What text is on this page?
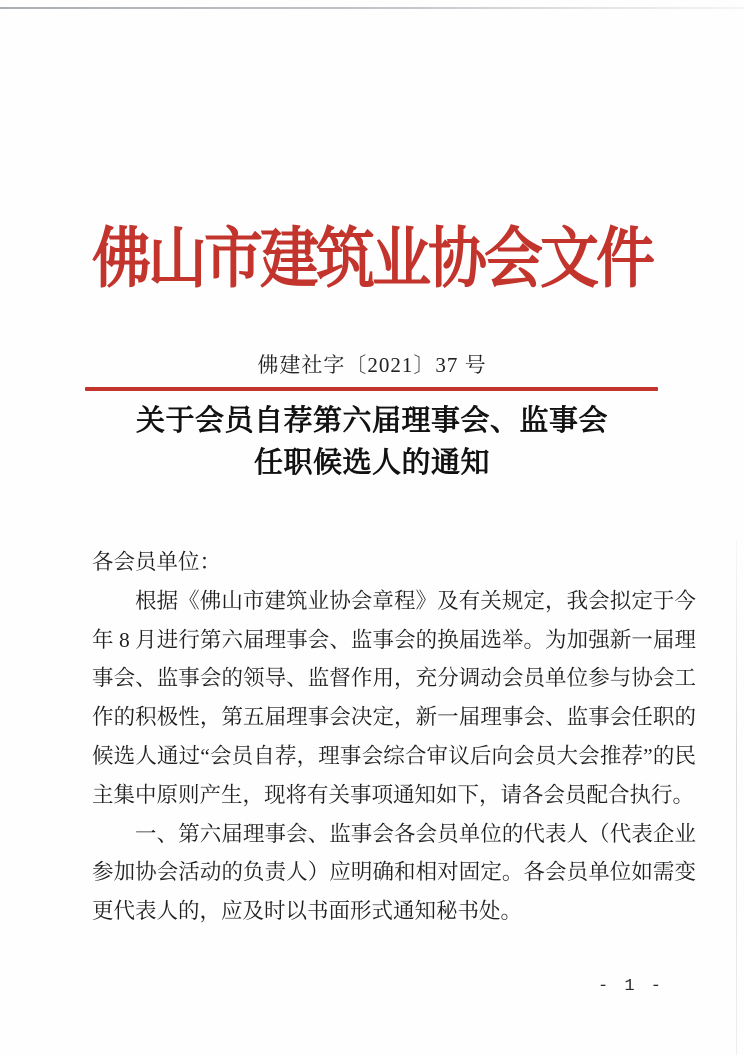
佛山市建筑业协会文件
佛建社字〔2021〕37 号
关于会员自荐第六届理事会、监事会
任职候选人的通知

各会员单位：

根据《佛山市建筑业协会章程》及有关规定，我会拟定于今年 8 月进行第六届理事会、监事会的换届选举。为加强新一届理事会、监事会的领导、监督作用，充分调动会员单位参与协会工作的积极性，第五届理事会决定，新一届理事会、监事会任职的候选人通过“会员自荐，理事会综合审议后向会员大会推荐”的民主集中原则产生，现将有关事项通知如下，请各会员配合执行。

一、第六届理事会、监事会各会员单位的代表人（代表企业参加协会活动的负责人）应明确和相对固定。各会员单位如需变更代表人的，应及时以书面形式通知秘书处。

- 1 -
